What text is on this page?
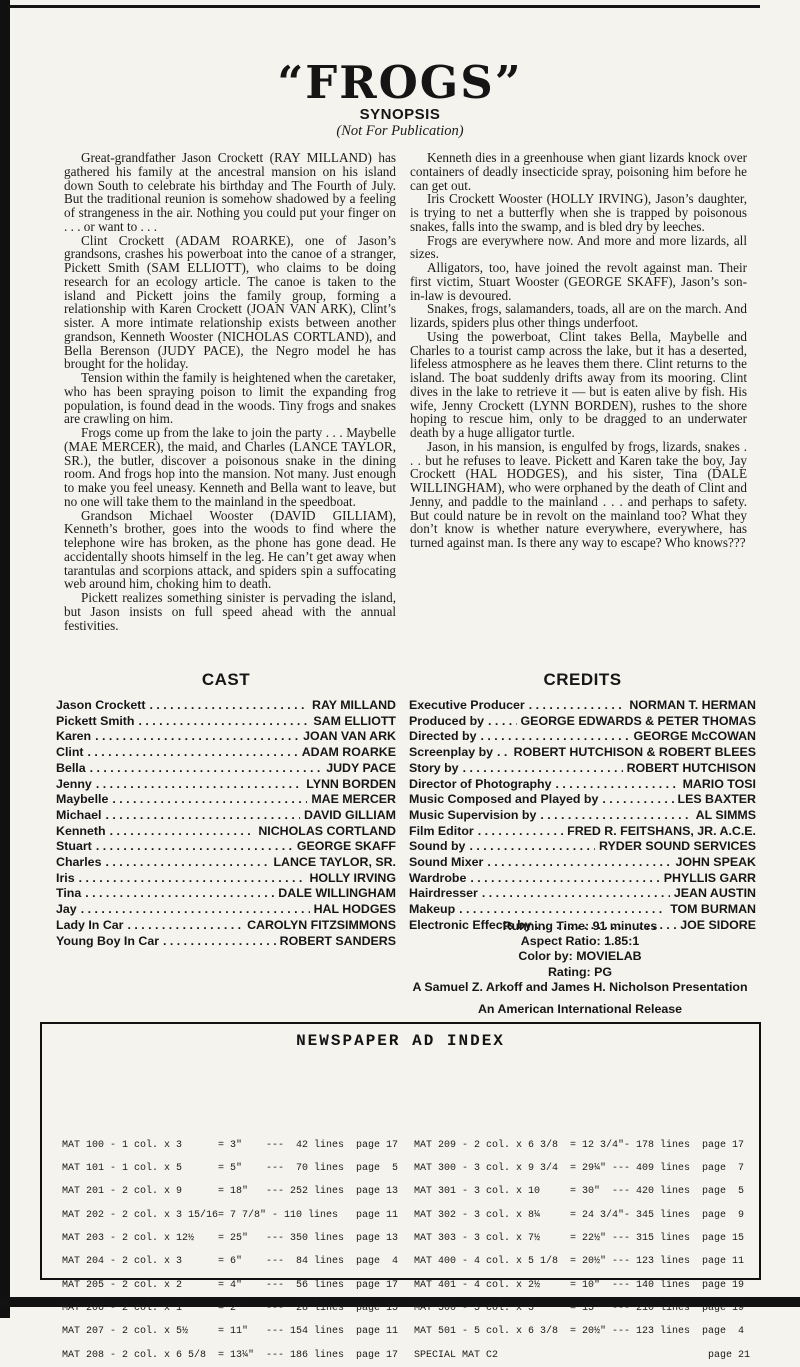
“FROGS”
SYNOPSIS
(Not For Publication)

Great-grandfather Jason Crockett (RAY MILLAND) has gathered his family at the ancestral mansion on his island down South to celebrate his birthday and The Fourth of July. But the traditional reunion is somehow shadowed by a feeling of strangeness in the air. Nothing you could put your finger on . . . or want to . . .

Clint Crockett (ADAM ROARKE), one of Jason’s grandsons, crashes his powerboat into the canoe of a stranger, Pickett Smith (SAM ELLIOTT), who claims to be doing research for an ecology article. The canoe is taken to the island and Pickett joins the family group, forming a relationship with Karen Crockett (JOAN VAN ARK), Clint’s sister. A more intimate relationship exists between another grandson, Kenneth Wooster (NICHOLAS CORTLAND), and Bella Berenson (JUDY PACE), the Negro model he has brought for the holiday.

Tension within the family is heightened when the caretaker, who has been spraying poison to limit the expanding frog population, is found dead in the woods. Tiny frogs and snakes are crawling on him.

Frogs come up from the lake to join the party . . . Maybelle (MAE MERCER), the maid, and Charles (LANCE TAYLOR, SR.), the butler, discover a poisonous snake in the dining room. And frogs hop into the mansion. Not many. Just enough to make you feel uneasy. Kenneth and Bella want to leave, but no one will take them to the mainland in the speedboat.

Grandson Michael Wooster (DAVID GILLIAM), Kenneth’s brother, goes into the woods to find where the telephone wire has broken, as the phone has gone dead. He accidentally shoots himself in the leg. He can’t get away when tarantulas and scorpions attack, and spiders spin a suffocating web around him, choking him to death.

Pickett realizes something sinister is pervading the island, but Jason insists on full speed ahead with the annual festivities.

Kenneth dies in a greenhouse when giant lizards knock over containers of deadly insecticide spray, poisoning him before he can get out.

Iris Crockett Wooster (HOLLY IRVING), Jason’s daughter, is trying to net a butterfly when she is trapped by poisonous snakes, falls into the swamp, and is bled dry by leeches.

Frogs are everywhere now. And more and more lizards, all sizes.

Alligators, too, have joined the revolt against man. Their first victim, Stuart Wooster (GEORGE SKAFF), Jason’s son-in-law is devoured.

Snakes, frogs, salamanders, toads, all are on the march. And lizards, spiders plus other things underfoot.

Using the powerboat, Clint takes Bella, Maybelle and Charles to a tourist camp across the lake, but it has a deserted, lifeless atmosphere as he leaves them there. Clint returns to the island. The boat suddenly drifts away from its mooring. Clint dives in the lake to retrieve it — but is eaten alive by fish. His wife, Jenny Crockett (LYNN BORDEN), rushes to the shore hoping to rescue him, only to be dragged to an underwater death by a huge alligator turtle.

Jason, in his mansion, is engulfed by frogs, lizards, snakes . . . but he refuses to leave. Pickett and Karen take the boy, Jay Crockett (HAL HODGES), and his sister, Tina (DALE WILLINGHAM), who were orphaned by the death of Clint and Jenny, and paddle to the mainland . . . and perhaps to safety. But could nature be in revolt on the mainland too? What they don’t know is whether nature everywhere, everywhere, has turned against man. Is there any way to escape? Who knows???

CAST
Jason Crockett . . .	RAY MILLAND
Pickett Smith . . .	SAM ELLIOTT
Karen . . .	JOAN VAN ARK
Clint . . .	ADAM ROARKE
Bella . . .	JUDY PACE
Jenny . . .	LYNN BORDEN
Maybelle . . .	MAE MERCER
Michael . . .	DAVID GILLIAM
Kenneth . . .	NICHOLAS CORTLAND
Stuart . . .	GEORGE SKAFF
Charles . . .	LANCE TAYLOR, SR.
Iris . . .	HOLLY IRVING
Tina . . .	DALE WILLINGHAM
Jay . . .	HAL HODGES
Lady In Car . . .	CAROLYN FITZSIMMONS
Young Boy In Car . . .	ROBERT SANDERS
CREDITS
Executive Producer . . .	NORMAN T. HERMAN
Produced by . . .	GEORGE EDWARDS & PETER THOMAS
Directed by . . .	GEORGE McCOWAN
Screenplay by . . . ROBERT HUTCHISON & ROBERT BLEES
Story by . . .	ROBERT HUTCHISON
Director of Photography . . .	MARIO TOSI
Music Composed and Played by . . .	LES BAXTER
Music Supervision by . . .	AL SIMMS
Film Editor . . .	FRED R. FEITSHANS, JR. A.C.E.
Sound by . . .	RYDER SOUND SERVICES
Sound Mixer . . .	JOHN SPEAK
Wardrobe . . .	PHYLLIS GARR
Hairdresser . . .	JEAN AUSTIN
Makeup . . .	TOM BURMAN
Electronic Effects by . . .	JOE SIDORE
Running Time: 91 minutes
Aspect Ratio: 1.85:1
Color by: MOVIELAB
Rating: PG
A Samuel Z. Arkoff and James H. Nicholson Presentation
An American International Release
NEWSPAPER AD INDEX

MAT 100 - 1 col. x 3      = 3"    ---  42 lines  page 17
MAT 101 - 1 col. x 5      = 5"    ---  70 lines  page  5
MAT 201 - 2 col. x 9      = 18"   --- 252 lines  page 13
MAT 202 - 2 col. x 3 15/16= 7 7/8" - 110 lines   page 11
MAT 203 - 2 col. x 12½    = 25"   --- 350 lines  page 13
MAT 204 - 2 col. x 3      = 6"    ---  84 lines  page  4
MAT 205 - 2 col. x 2      = 4"    ---  56 lines  page 17
MAT 206 - 2 col. x 1      = 2"    ---  28 lines  page 15
MAT 207 - 2 col. x 5½     = 11"   --- 154 lines  page 11
MAT 208 - 2 col. x 6 5/8  = 13¼"  --- 186 lines  page 17

MAT 209 - 2 col. x 6 3/8  = 12 3/4"- 178 lines  page 17
MAT 300 - 3 col. x 9 3/4  = 29¼" --- 409 lines  page  7
MAT 301 - 3 col. x 10     = 30"  --- 420 lines  page  5
MAT 302 - 3 col. x 8¼     = 24 3/4"- 345 lines  page  9
MAT 303 - 3 col. x 7½     = 22½" --- 315 lines  page 15
MAT 400 - 4 col. x 5 1/8  = 20½" --- 123 lines  page 11
MAT 401 - 4 col. x 2½     = 10"  --- 140 lines  page 19
MAT 500 - 5 col. x 3      = 15"  --- 210 lines  page 19
MAT 501 - 5 col. x 6 3/8  = 20½" --- 123 lines  page  4
SPECIAL MAT C2                                   page 21
